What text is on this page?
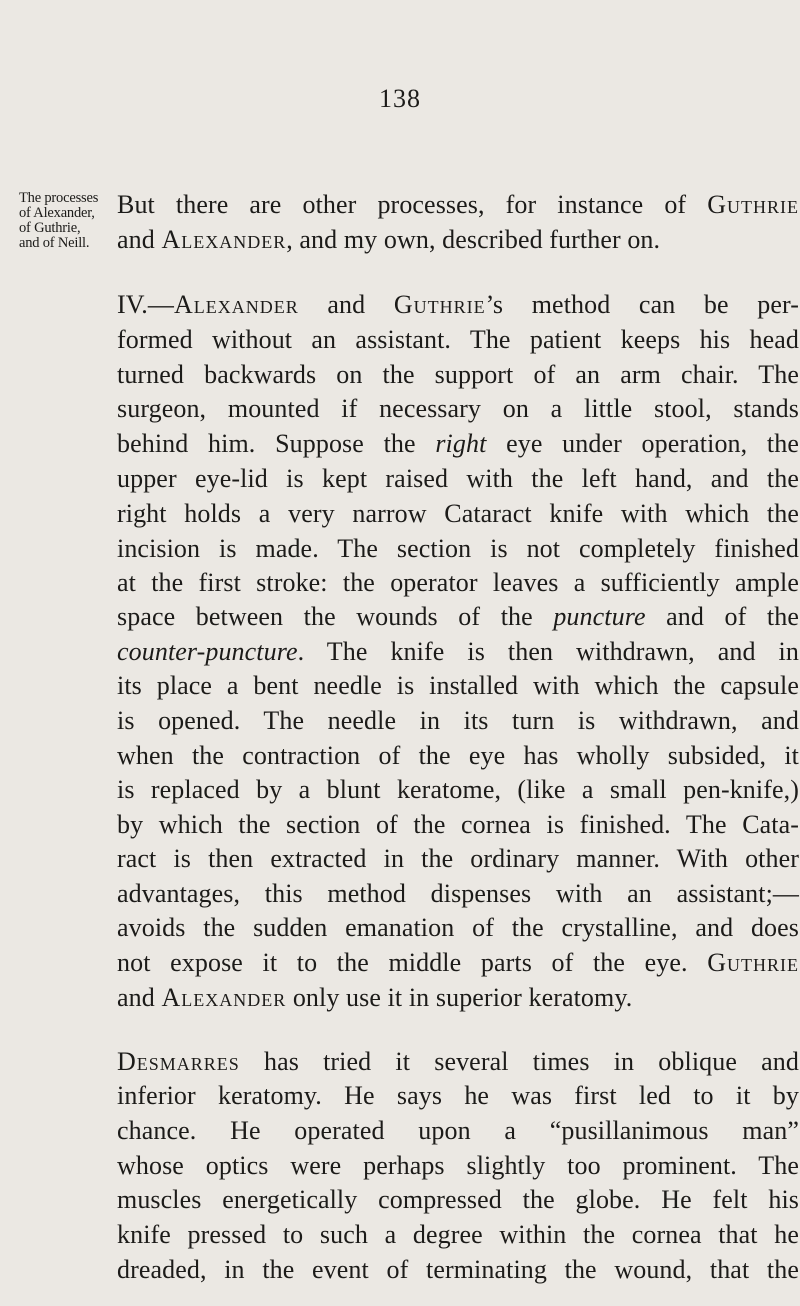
138
The processes
of Alexander,
of Guthrie,
and of Neill.
But there are other processes, for instance of Guthrie
and Alexander, and my own, described further on.
IV.—Alexander and Guthrie’s method can be per-
formed without an assistant. The patient keeps his head
turned backwards on the support of an arm chair. The
surgeon, mounted if necessary on a little stool, stands
behind him. Suppose the right eye under operation, the
upper eye-lid is kept raised with the left hand, and the
right holds a very narrow Cataract knife with which the
incision is made. The section is not completely finished
at the first stroke: the operator leaves a sufficiently ample
space between the wounds of the puncture and of the
counter-puncture. The knife is then withdrawn, and in
its place a bent needle is installed with which the capsule
is opened. The needle in its turn is withdrawn, and
when the contraction of the eye has wholly subsided, it
is replaced by a blunt keratome, (like a small pen-knife,)
by which the section of the cornea is finished. The Cata-
ract is then extracted in the ordinary manner. With other
advantages, this method dispenses with an assistant;—
avoids the sudden emanation of the crystalline, and does
not expose it to the middle parts of the eye. Guthrie
and Alexander only use it in superior keratomy.
Desmarres has tried it several times in oblique and
inferior keratomy. He says he was first led to it by
chance. He operated upon a “pusillanimous man”
whose optics were perhaps slightly too prominent. The
muscles energetically compressed the globe. He felt his
knife pressed to such a degree within the cornea that he
dreaded, in the event of terminating the wound, that the
